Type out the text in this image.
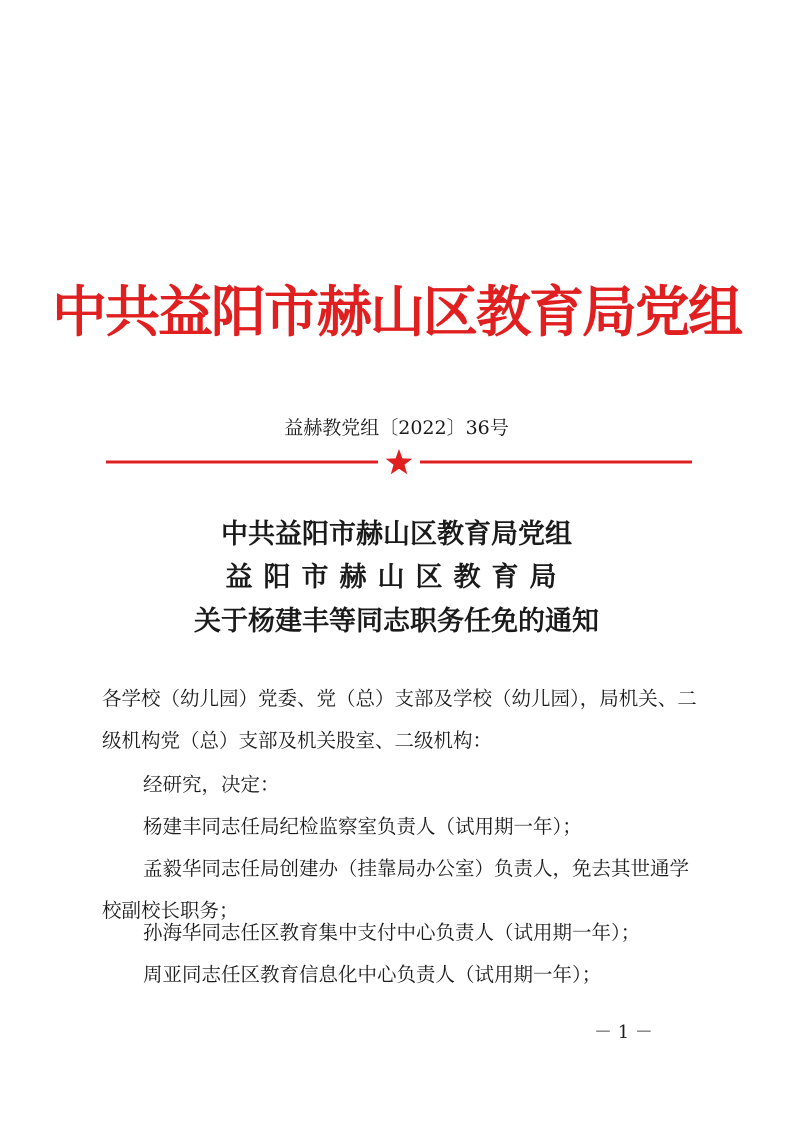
中共益阳市赫山区教育局党组
益赫教党组〔2022〕36号
中共益阳市赫山区教育局党组
益阳市赫山区教育局
关于杨建丰等同志职务任免的通知
各学校（幼儿园）党委、党（总）支部及学校（幼儿园），局机关、二级机构党（总）支部及机关股室、二级机构：
经研究，决定：
杨建丰同志任局纪检监察室负责人（试用期一年）；
孟毅华同志任局创建办（挂靠局办公室）负责人，免去其世通学校副校长职务；
孙海华同志任区教育集中支付中心负责人（试用期一年）；
周亚同志任区教育信息化中心负责人（试用期一年）；
－ 1 －
